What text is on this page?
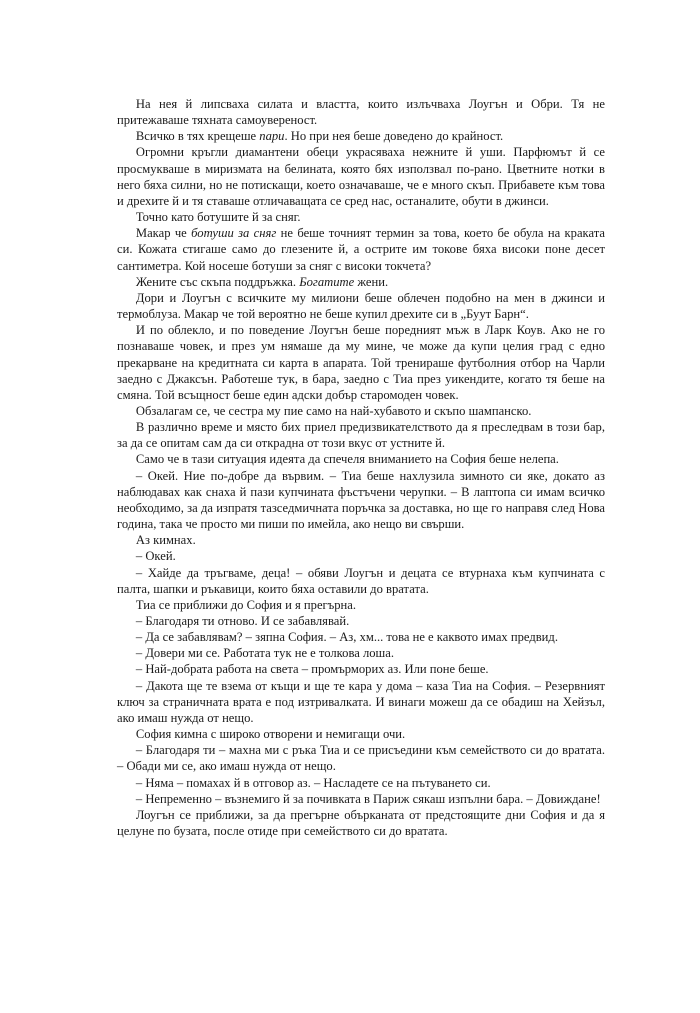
На нея й липсваха силата и властта, които излъчваха Лоугън и Обри. Тя не притежаваше тяхната самоувереност.

Всичко в тях крещеше пари. Но при нея беше доведено до крайност.

Огромни кръгли диамантени обеци украсяваха нежните й уши. Парфюмът й се просмукваше в миризмата на белината, която бях използвал по-рано. Цветните нотки в него бяха силни, но не потискащи, което означаваше, че е много скъп. Прибавете към това и дрехите й и тя ставаше отличаващата се сред нас, останалите, обути в джинси.

Точно като ботушите й за сняг.

Макар че ботуши за сняг не беше точният термин за това, което бе обула на краката си. Кожата стигаше само до глезените й, а острите им токове бяха високи поне десет сантиметра. Кой носеше ботуши за сняг с високи токчета?

Жените със скъпа поддръжка. Богатите жени.

Дори и Лоугън с всичките му милиони беше облечен подобно на мен в джинси и термоблуза. Макар че той вероятно не беше купил дрехите си в „Буут Барн“.

И по облекло, и по поведение Лоугън беше поредният мъж в Ларк Коув. Ако не го познаваше човек, и през ум нямаше да му мине, че може да купи целия град с едно прекарване на кредитната си карта в апарата. Той тренираше футболния отбор на Чарли заедно с Джаксън. Работеше тук, в бара, заедно с Тиа през уикендите, когато тя беше на смяна. Той всъщност беше един адски добър старомоден човек.

Обзалагам се, че сестра му пие само на най-хубавото и скъпо шампанско.

В различно време и място бих приел предизвикателството да я преследвам в този бар, за да се опитам сам да си открадна от този вкус от устните й.

Само че в тази ситуация идеята да спечеля вниманието на София беше нелепа.

– Окей. Ние по-добре да вървим. – Тиа беше нахлузила зимното си яке, докато аз наблюдавах как снаха й пази купчината фъстъчени черупки. – В лаптопа си имам всичко необходимо, за да изпратя тазседмичната поръчка за доставка, но ще го направя след Нова година, така че просто ми пиши по имейла, ако нещо ви свърши.

Аз кимнах.

– Окей.

– Хайде да тръгваме, деца! – обяви Лоугън и децата се втурнаха към купчината с палта, шапки и ръкавици, които бяха оставили до вратата.

Тиа се приближи до София и я прегърна.

– Благодаря ти отново. И се забавлявай.

– Да се забавлявам? – зяпна София. – Аз, хм... това не е каквото имах предвид.

– Довери ми се. Работата тук не е толкова лоша.

– Най-добрата работа на света – промърморих аз. Или поне беше.

– Дакота ще те вземa от къщи и ще те кара у дома – каза Тиа на София. – Резервният ключ за страничната врата е под изтривалката. И винаги можеш да се обадиш на Хейзъл, ако имаш нужда от нещо.

София кимна с широко отворени и немигащи очи.

– Благодаря ти – махна ми с ръка Тиа и се присъедини към семейството си до вратата. – Обади ми се, ако имаш нужда от нещо.

– Няма – помахах й в отговор аз. – Насладете се на пътуването си.

– Непременно – възнемиго й за почивката в Париж сякаш изпълни бара. – Довиждане!

Лоугън се приближи, за да прегърне обърканата от предстоящите дни София и да я целуне по бузата, после отиде при семейството си до вратата.
